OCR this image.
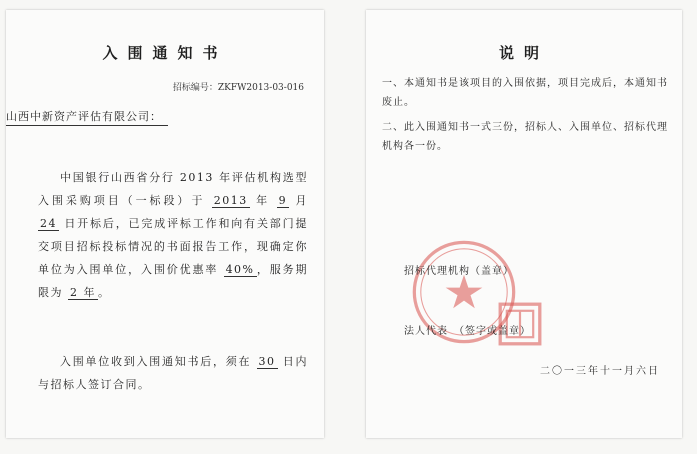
入围通知书
招标编号：ZKFW2013-03-016
山西中新资产评估有限公司：
中国银行山西省分行 2013 年评估机构选型入围采购项目（一标段）于 2013 年 9 月 24 日开标后，已完成评标工作和向有关部门提交项目招标投标情况的书面报告工作，现确定你单位为入围单位，入围价优惠率 40% ，服务期限为 2 年 。
入围单位收到入围通知书后，须在 30 日内与招标人签订合同。
说明
一、本通知书是该项目的入围依据，项目完成后，本通知书废止。
二、此入围通知书一式三份，招标人、入围单位、招标代理机构各一份。
招标代理机构（盖章）
法人代表　（签字或盖章）
二〇一三年十一月六日
